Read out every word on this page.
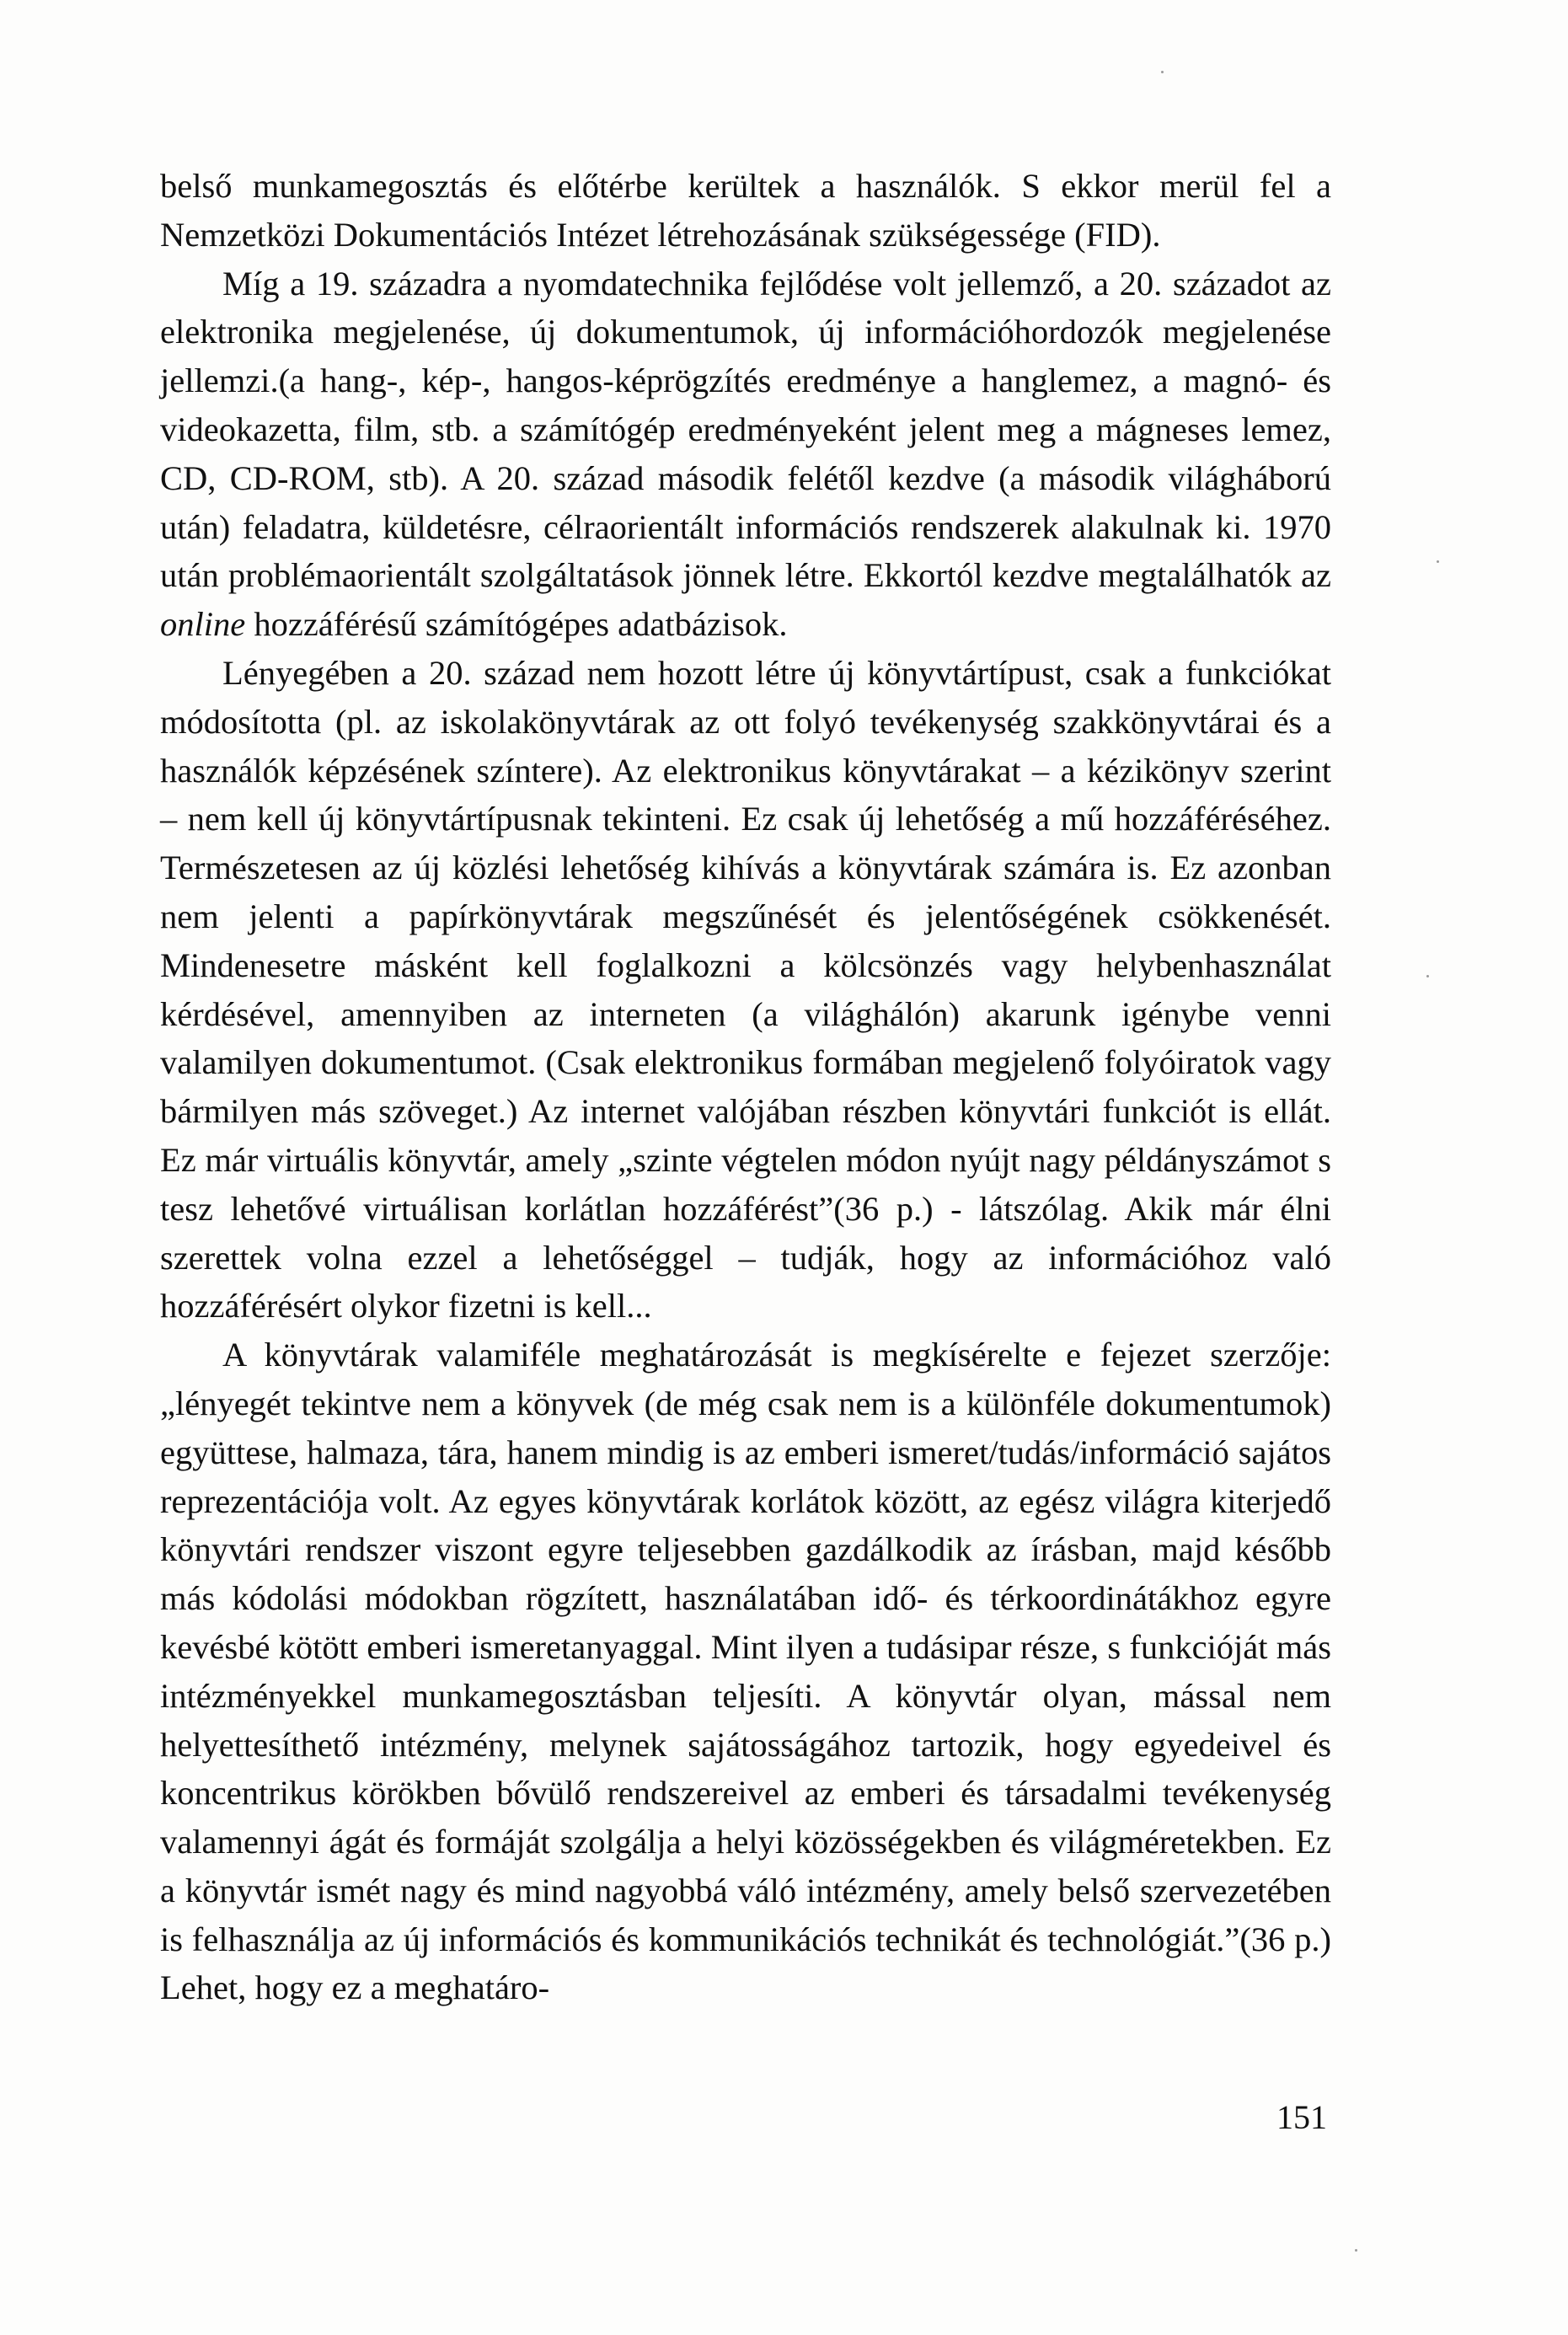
belső munkamegosztás és előtérbe kerültek a használók. S ekkor merül fel a Nemzetközi Dokumentációs Intézet létrehozásának szükségessége (FID).

Míg a 19. századra a nyomdatechnika fejlődése volt jellemző, a 20. századot az elektronika megjelenése, új dokumentumok, új információhordozók megjelenése jellemzi.(a hang-, kép-, hangos-képrögzítés eredménye a hanglemez, a magnó- és videokazetta, film, stb. a számítógép eredményeként jelent meg a mágneses lemez, CD, CD-ROM, stb). A 20. század második felétől kezdve (a második világháború után) feladatra, küldetésre, célraorientált információs rendszerek alakulnak ki. 1970 után problémaorientált szolgáltatások jönnek létre. Ekkortól kezdve megtalálhatók az online hozzáférésű számítógépes adatbázisok.

Lényegében a 20. század nem hozott létre új könyvtártípust, csak a funkciókat módosította (pl. az iskolakönyvtárak az ott folyó tevékenység szakkönyvtárai és a használók képzésének színtere). Az elektronikus könyvtárakat – a kézikönyv szerint – nem kell új könyvtártípusnak tekinteni. Ez csak új lehetőség a mű hozzáféréséhez. Természetesen az új közlési lehetőség kihívás a könyvtárak számára is. Ez azonban nem jelenti a papírkönyvtárak megszűnését és jelentőségének csökkenését. Mindenesetre másként kell foglalkozni a kölcsönzés vagy helybenhasználat kérdésével, amennyiben az interneten (a világhálón) akarunk igénybe venni valamilyen dokumentumot. (Csak elektronikus formában megjelenő folyóiratok vagy bármilyen más szöveget.) Az internet valójában részben könyvtári funkciót is ellát. Ez már virtuális könyvtár, amely „szinte végtelen módon nyújt nagy példányszámot s tesz lehetővé virtuálisan korlátlan hozzáférést”(36 p.) - látszólag. Akik már élni szerettek volna ezzel a lehetőséggel – tudják, hogy az információhoz való hozzáférésért olykor fizetni is kell...

A könyvtárak valamiféle meghatározását is megkísérelte e fejezet szerzője: „lényegét tekintve nem a könyvek (de még csak nem is a különféle dokumentumok) együttese, halmaza, tára, hanem mindig is az emberi ismeret/tudás/információ sajátos reprezentációja volt. Az egyes könyvtárak korlátok között, az egész világra kiterjedő könyvtári rendszer viszont egyre teljesebben gazdálkodik az írásban, majd később más kódolási módokban rögzített, használatában idő- és térkoordinátákhoz egyre kevésbé kötött emberi ismeretanyaggal. Mint ilyen a tudásipar része, s funkcióját más intézményekkel munkamegosztásban teljesíti. A könyvtár olyan, mással nem helyettesíthető intézmény, melynek sajátosságához tartozik, hogy egyedeivel és koncentrikus körökben bővülő rendszereivel az emberi és társadalmi tevékenység valamennyi ágát és formáját szolgálja a helyi közösségekben és világméretekben. Ez a könyvtár ismét nagy és mind nagyobbá váló intézmény, amely belső szervezetében is felhasználja az új információs és kommunikációs technikát és technológiát.”(36 p.) Lehet, hogy ez a meghatáro-

151
